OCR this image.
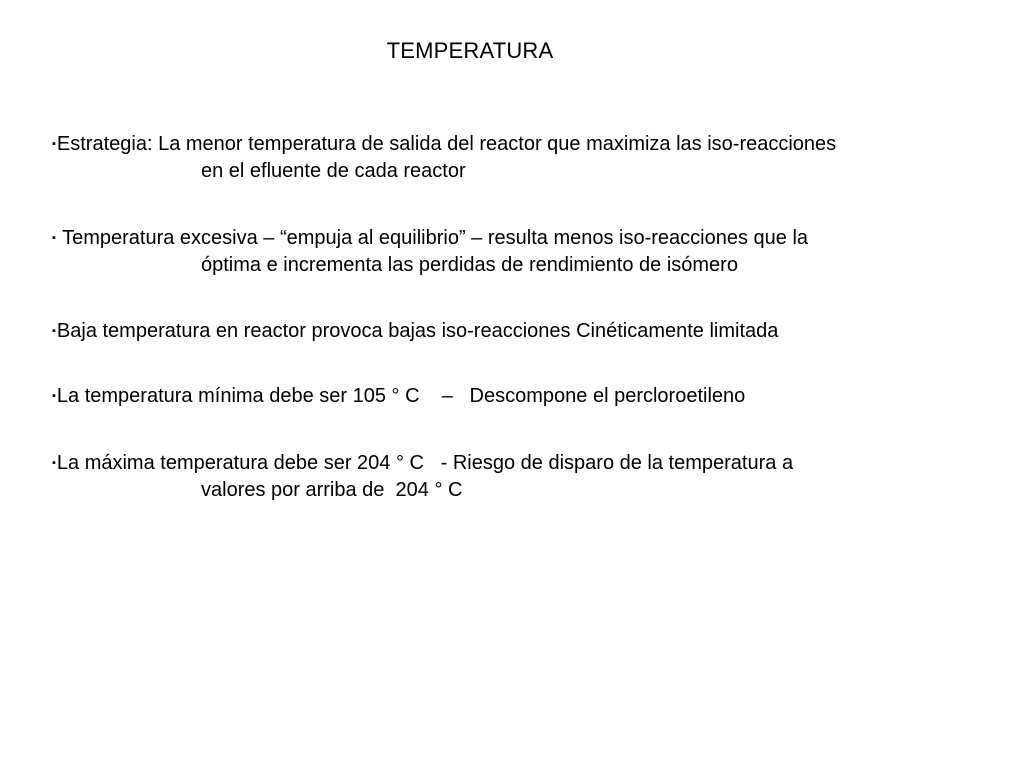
TEMPERATURA
▪Estrategia: La menor temperatura de salida del reactor que maximiza las iso-reacciones
en el efluente de cada reactor
▪ Temperatura excesiva – “empuja al equilibrio” – resulta menos iso-reacciones que la
óptima e incrementa las perdidas de rendimiento de isómero
▪Baja temperatura en reactor provoca bajas iso-reacciones Cinéticamente limitada
▪La temperatura mínima debe ser 105 ° C    –   Descompone el percloroetileno
▪La máxima temperatura debe ser 204 ° C   - Riesgo de disparo de la temperatura a
valores por arriba de  204 ° C
